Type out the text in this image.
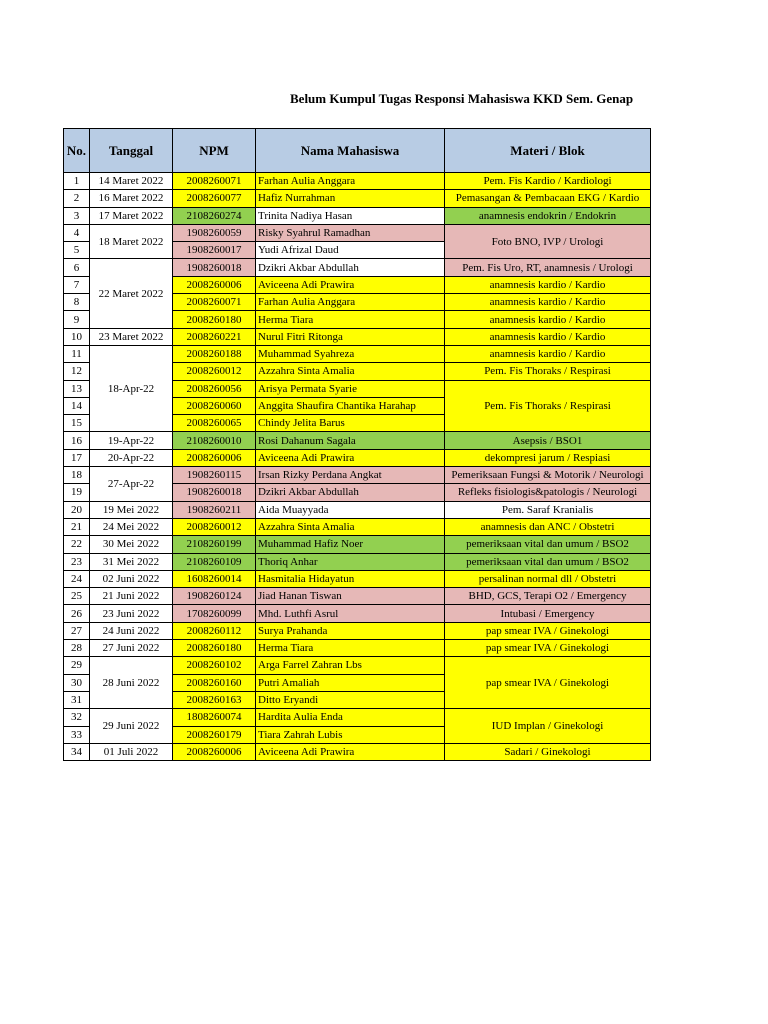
Belum Kumpul Tugas Responsi Mahasiswa KKD Sem. Genap
No.	Tanggal	NPM	Nama Mahasiswa	Materi / Blok
1	14 Maret 2022	2008260071	Farhan Aulia Anggara	Pem. Fis Kardio / Kardiologi
2	16 Maret 2022	2008260077	Hafiz Nurrahman	Pemasangan & Pembacaan EKG / Kardio
3	17 Maret 2022	2108260274	Trinita Nadiya Hasan	anamnesis endokrin / Endokrin
4	18 Maret 2022	1908260059	Risky Syahrul Ramadhan	Foto BNO, IVP / Urologi
5		1908260017	Yudi Afrizal Daud	
6	22 Maret 2022	1908260018	Dzikri Akbar Abdullah	Pem. Fis Uro, RT, anamnesis / Urologi
7		2008260006	Aviceena Adi Prawira	anamnesis kardio / Kardio
8		2008260071	Farhan Aulia Anggara	anamnesis kardio / Kardio
9		2008260180	Herma Tiara	anamnesis kardio / Kardio
10	23 Maret 2022	2008260221	Nurul Fitri Ritonga	anamnesis kardio / Kardio
11	18-Apr-22	2008260188	Muhammad Syahreza	anamnesis kardio / Kardio
12		2008260012	Azzahra Sinta Amalia	Pem. Fis Thoraks / Respirasi
13		2008260056	Arisya Permata Syarie	Pem. Fis Thoraks / Respirasi
14		2008260060	Anggita Shaufira Chantika Harahap	
15		2008260065	Chindy Jelita Barus	
16	19-Apr-22	2108260010	Rosi Dahanum Sagala	Asepsis / BSO1
17	20-Apr-22	2008260006	Aviceena Adi Prawira	dekompresi jarum / Respiasi
18	27-Apr-22	1908260115	Irsan Rizky Perdana Angkat	Pemeriksaan Fungsi & Motorik / Neurologi
19		1908260018	Dzikri Akbar Abdullah	Refleks fisiologis&patologis / Neurologi
20	19 Mei 2022	1908260211	Aida Muayyada	Pem. Saraf Kranialis
21	24 Mei 2022	2008260012	Azzahra Sinta Amalia	anamnesis dan ANC / Obstetri
22	30 Mei 2022	2108260199	Muhammad Hafiz Noer	pemeriksaan vital dan umum / BSO2
23	31 Mei 2022	2108260109	Thoriq Anhar	pemeriksaan vital dan umum / BSO2
24	02 Juni 2022	1608260014	Hasmitalia Hidayatun	persalinan normal dll / Obstetri
25	21 Juni 2022	1908260124	Jiad Hanan Tiswan	BHD, GCS, Terapi O2 / Emergency
26	23 Juni 2022	1708260099	Mhd. Luthfi Asrul	Intubasi / Emergency
27	24 Juni 2022	2008260112	Surya Prahanda	pap smear IVA / Ginekologi
28	27 Juni 2022	2008260180	Herma Tiara	pap smear IVA / Ginekologi
29	28 Juni 2022	2008260102	Arga Farrel Zahran Lbs	pap smear IVA / Ginekologi
30		2008260160	Putri Amaliah	
31		2008260163	Ditto Eryandi	
32	29 Juni 2022	1808260074	Hardita Aulia Enda	IUD Implan / Ginekologi
33		2008260179	Tiara Zahrah Lubis	
34	01 Juli 2022	2008260006	Aviceena Adi Prawira	Sadari / Ginekologi
